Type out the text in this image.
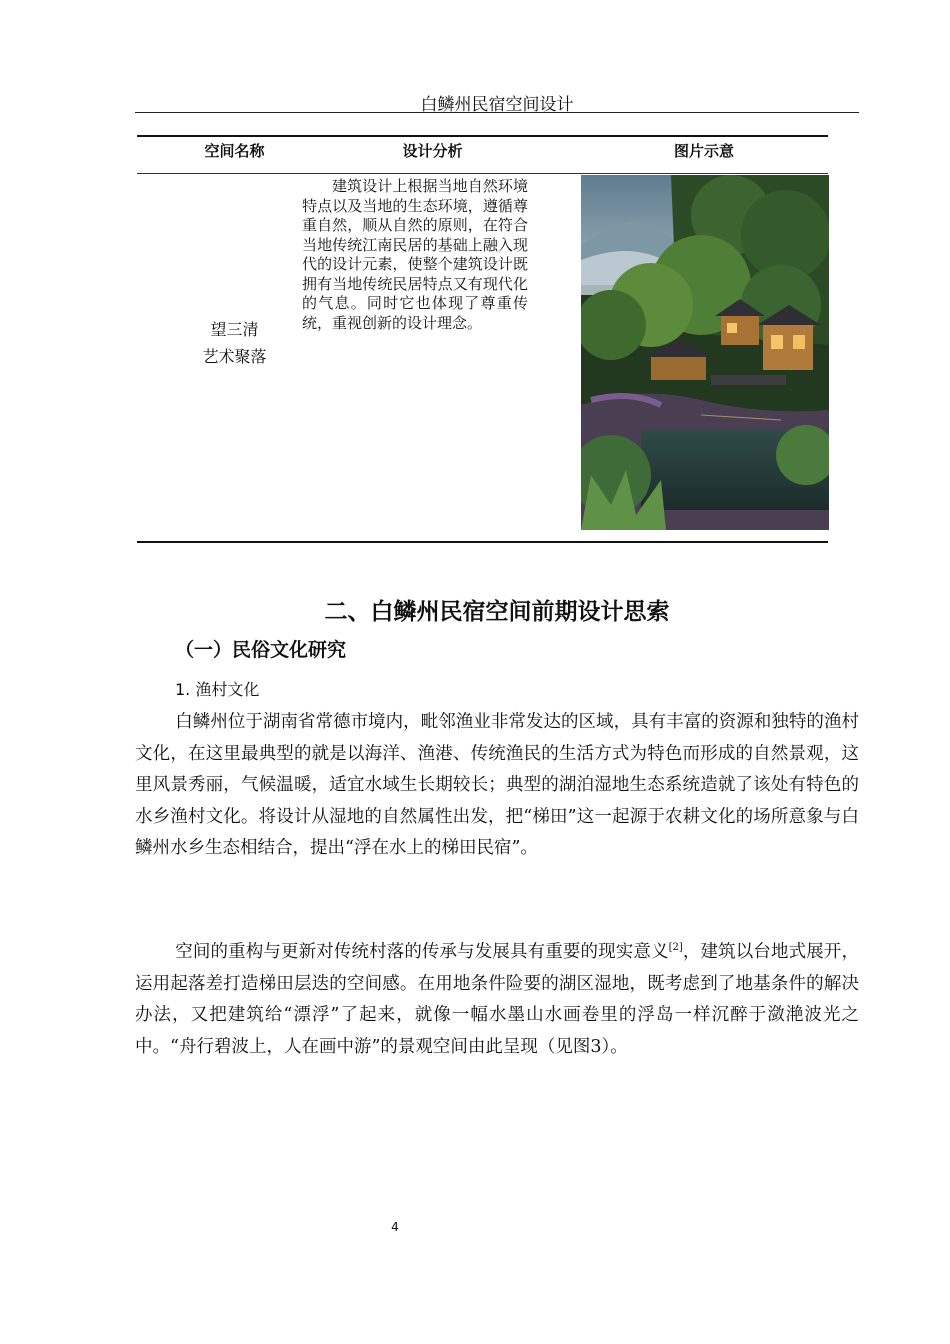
白鳞州民宿空间设计
空间名称	设计分析	图片示意
望三清
艺术聚落
建筑设计上根据当地自然环境特点以及当地的生态环境，遵循尊重自然，顺从自然的原则，在符合当地传统江南民居的基础上融入现代的设计元素，使整个建筑设计既拥有当地传统民居特点又有现代化的气息。同时它也体现了尊重传统，重视创新的设计理念。
二、白鳞州民宿空间前期设计思索
（一）民俗文化研究
1. 渔村文化
白鳞州位于湖南省常德市境内，毗邻渔业非常发达的区域，具有丰富的资源和独特的渔村文化，在这里最典型的就是以海洋、渔港、传统渔民的生活方式为特色而形成的自然景观，这里风景秀丽，气候温暖，适宜水域生长期较长；典型的湖泊湿地生态系统造就了该处有特色的水乡渔村文化。将设计从湿地的自然属性出发，把“梯田”这一起源于农耕文化的场所意象与白鳞州水乡生态相结合，提出“浮在水上的梯田民宿”。
空间的重构与更新对传统村落的传承与发展具有重要的现实意义[2]，建筑以台地式展开，运用起落差打造梯田层迭的空间感。在用地条件险要的湖区湿地，既考虑到了地基条件的解决办法，又把建筑给“漂浮”了起来，就像一幅水墨山水画卷里的浮岛一样沉醉于潋滟波光之中。“舟行碧波上，人在画中游”的景观空间由此呈现（见图3）。
4
